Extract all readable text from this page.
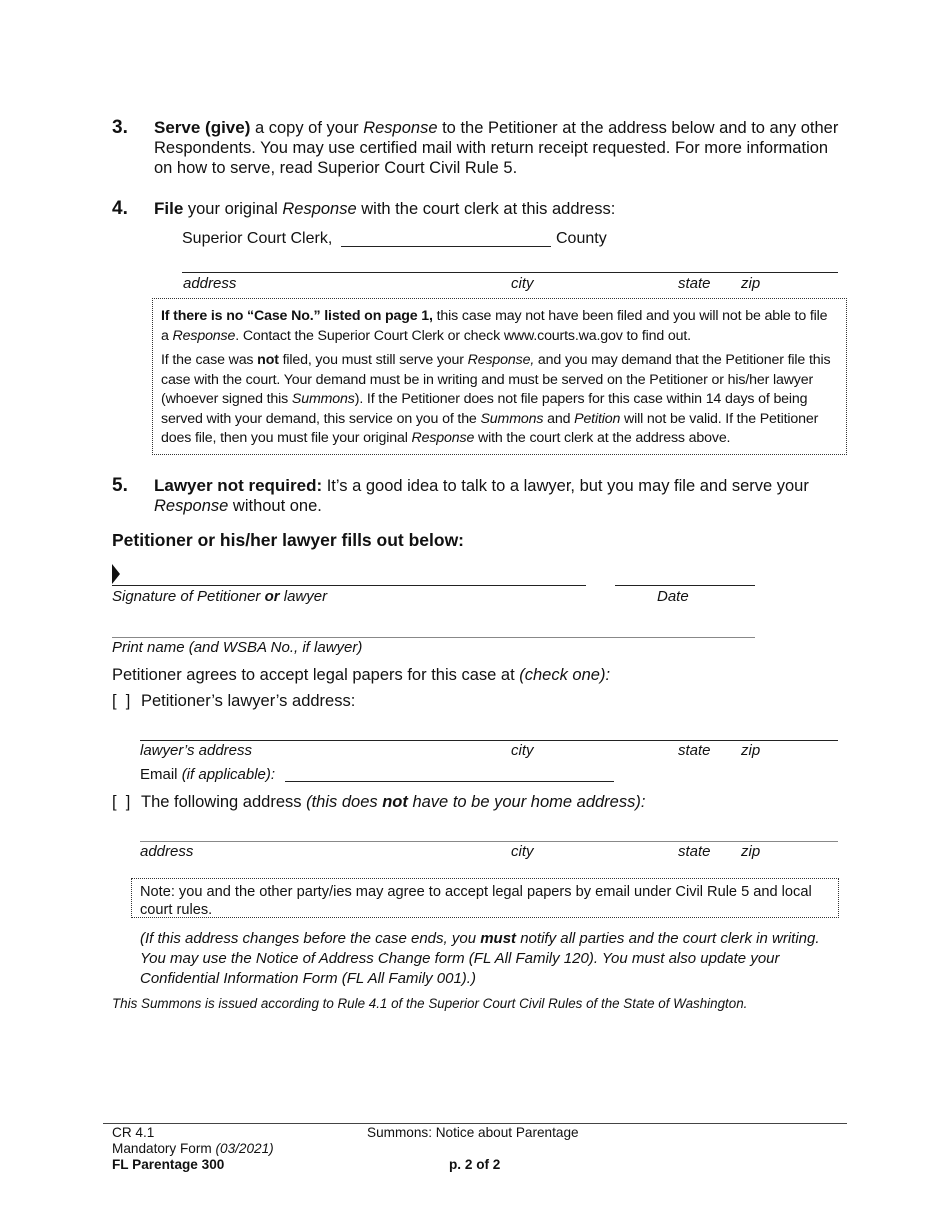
3. Serve (give) a copy of your Response to the Petitioner at the address below and to any other Respondents. You may use certified mail with return receipt requested. For more information on how to serve, read Superior Court Civil Rule 5.
4. File your original Response with the court clerk at this address:
Superior Court Clerk,	County
address	city	state zip
If there is no “Case No.” listed on page 1, this case may not have been filed and you will not be able to file a Response. Contact the Superior Court Clerk or check www.courts.wa.gov to find out.
If the case was not filed, you must still serve your Response, and you may demand that the Petitioner file this case with the court. Your demand must be in writing and must be served on the Petitioner or his/her lawyer (whoever signed this Summons). If the Petitioner does not file papers for this case within 14 days of being served with your demand, this service on you of the Summons and Petition will not be valid. If the Petitioner does file, then you must file your original Response with the court clerk at the address above.
5. Lawyer not required: It’s a good idea to talk to a lawyer, but you may file and serve your Response without one.
Petitioner or his/her lawyer fills out below:
Signature of Petitioner or lawyer	Date
Print name (and WSBA No., if lawyer)
Petitioner agrees to accept legal papers for this case at (check one):
[  ] Petitioner’s lawyer’s address:
lawyer’s address	city	state zip
Email (if applicable):
[  ] The following address (this does not have to be your home address):
address	city	state zip
Note: you and the other party/ies may agree to accept legal papers by email under Civil Rule 5 and local court rules.
(If this address changes before the case ends, you must notify all parties and the court clerk in writing. You may use the Notice of Address Change form (FL All Family 120). You must also update your Confidential Information Form (FL All Family 001).)
This Summons is issued according to Rule 4.1 of the Superior Court Civil Rules of the State of Washington.
CR 4.1
Mandatory Form (03/2021)
FL Parentage 300
Summons: Notice about Parentage
p. 2 of 2
